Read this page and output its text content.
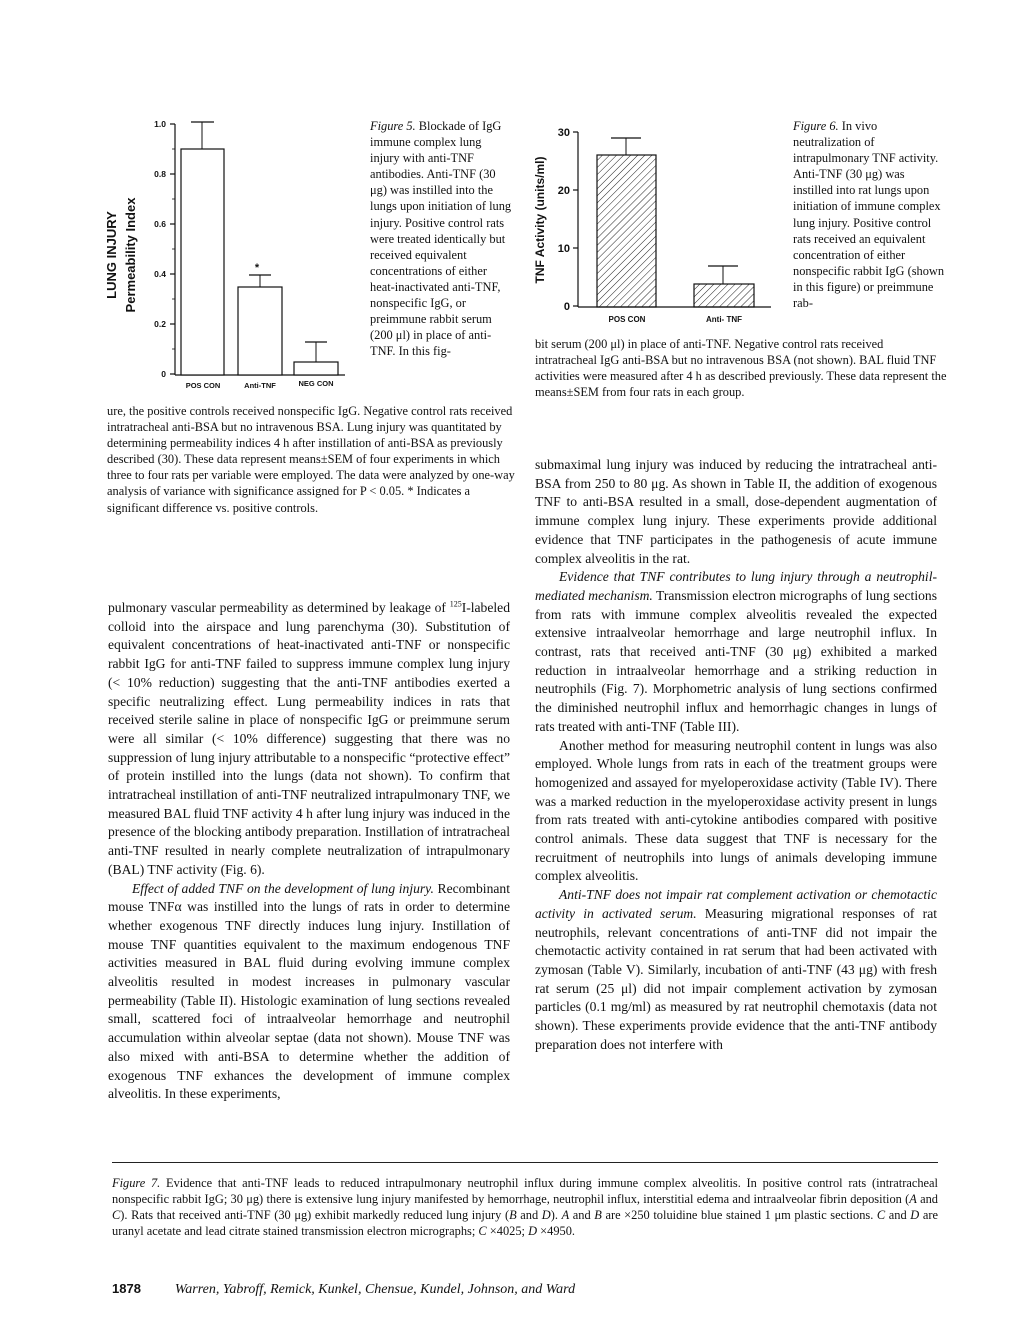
LUNG INJURY Permeability Index
0
0.2
0.4
0.6
0.8
1.0
*
POS CON	Anti-TNF	NEG CON
Figure 5. Blockade of IgG immune complex lung injury with anti-TNF antibodies. Anti-TNF (30 μg) was instilled into the lungs upon initiation of lung injury. Positive control rats were treated identically but received equivalent concentrations of either heat-inactivated anti-TNF, nonspecific IgG, or preimmune rabbit serum (200 μl) in place of anti-TNF. In this fig-
ure, the positive controls received nonspecific IgG. Negative control rats received intratracheal anti-BSA but no intravenous BSA. Lung injury was quantitated by determining permeability indices 4 h after instillation of anti-BSA as previously described (30). These data represent means±SEM of four experiments in which three to four rats per variable were employed. The data were analyzed by one-way analysis of variance with significance assigned for P < 0.05. * Indicates a significant difference vs. positive controls.
TNF Activity (units/ml)
0
10
20
30
POS CON	Anti- TNF
Figure 6. In vivo neutralization of intrapulmonary TNF activity. Anti-TNF (30 μg) was instilled into rat lungs upon initiation of immune complex lung injury. Positive control rats received an equivalent concentration of either nonspecific rabbit IgG (shown in this figure) or preimmune rab-
bit serum (200 μl) in place of anti-TNF. Negative control rats received intratracheal IgG anti-BSA but no intravenous BSA (not shown). BAL fluid TNF activities were measured after 4 h as described previously. These data represent the means±SEM from four rats in each group.

pulmonary vascular permeability as determined by leakage of $^{125}$I-labeled colloid into the airspace and lung parenchyma (30). Substitution of equivalent concentrations of heat-inactivated anti-TNF or nonspecific rabbit IgG for anti-TNF failed to suppress immune complex lung injury (< 10% reduction) suggesting that the anti-TNF antibodies exerted a specific neutralizing effect. Lung permeability indices in rats that received sterile saline in place of nonspecific IgG or preimmune serum were all similar (< 10% difference) suggesting that there was no suppression of lung injury attributable to a nonspecific “protective effect” of protein instilled into the lungs (data not shown). To confirm that intratracheal instillation of anti-TNF neutralized intrapulmonary TNF, we measured BAL fluid TNF activity 4 h after lung injury was induced in the presence of the blocking antibody preparation. Instillation of intratracheal anti-TNF resulted in nearly complete neutralization of intrapulmonary (BAL) TNF activity (Fig. 6).

Effect of added TNF on the development of lung injury. Recombinant mouse TNFα was instilled into the lungs of rats in order to determine whether exogenous TNF directly induces lung injury. Instillation of mouse TNF quantities equivalent to the maximum endogenous TNF activities measured in BAL fluid during evolving immune complex alveolitis resulted in modest increases in pulmonary vascular permeability (Table II). Histologic examination of lung sections revealed small, scattered foci of intraalveolar hemorrhage and neutrophil accumulation within alveolar septae (data not shown). Mouse TNF was also mixed with anti-BSA to determine whether the addition of exogenous TNF exhances the development of immune complex alveolitis. In these experiments,

submaximal lung injury was induced by reducing the intratracheal anti-BSA from 250 to 80 μg. As shown in Table II, the addition of exogenous TNF to anti-BSA resulted in a small, dose-dependent augmentation of immune complex lung injury. These experiments provide additional evidence that TNF participates in the pathogenesis of acute immune complex alveolitis in the rat.

Evidence that TNF contributes to lung injury through a neutrophil-mediated mechanism. Transmission electron micrographs of lung sections from rats with immune complex alveolitis revealed the expected extensive intraalveolar hemorrhage and large neutrophil influx. In contrast, rats that received anti-TNF (30 μg) exhibited a marked reduction in intraalveolar hemorrhage and a striking reduction in neutrophils (Fig. 7). Morphometric analysis of lung sections confirmed the diminished neutrophil influx and hemorrhagic changes in lungs of rats treated with anti-TNF (Table III).

Another method for measuring neutrophil content in lungs was also employed. Whole lungs from rats in each of the treatment groups were homogenized and assayed for myeloperoxidase activity (Table IV). There was a marked reduction in the myeloperoxidase activity present in lungs from rats treated with anti-cytokine antibodies compared with positive control animals. These data suggest that TNF is necessary for the recruitment of neutrophils into lungs of animals developing immune complex alveolitis.

Anti-TNF does not impair rat complement activation or chemotactic activity in activated serum. Measuring migrational responses of rat neutrophils, relevant concentrations of anti-TNF did not impair the chemotactic activity contained in rat serum that had been activated with zymosan (Table V). Similarly, incubation of anti-TNF (43 μg) with fresh rat serum (25 μl) did not impair complement activation by zymosan particles (0.1 mg/ml) as measured by rat neutrophil chemotaxis (data not shown). These experiments provide evidence that the anti-TNF antibody preparation does not interfere with

Figure 7. Evidence that anti-TNF leads to reduced intrapulmonary neutrophil influx during immune complex alveolitis. In positive control rats (intratracheal nonspecific rabbit IgG; 30 μg) there is extensive lung injury manifested by hemorrhage, neutrophil influx, interstitial edema and intraalveolar fibrin deposition (A and C). Rats that received anti-TNF (30 μg) exhibit markedly reduced lung injury (B and D). A and B are ×250 toluidine blue stained 1 μm plastic sections. C and D are uranyl acetate and lead citrate stained transmission electron micrographs; C ×4025; D ×4950.
1878 Warren, Yabroff, Remick, Kunkel, Chensue, Kundel, Johnson, and Ward
